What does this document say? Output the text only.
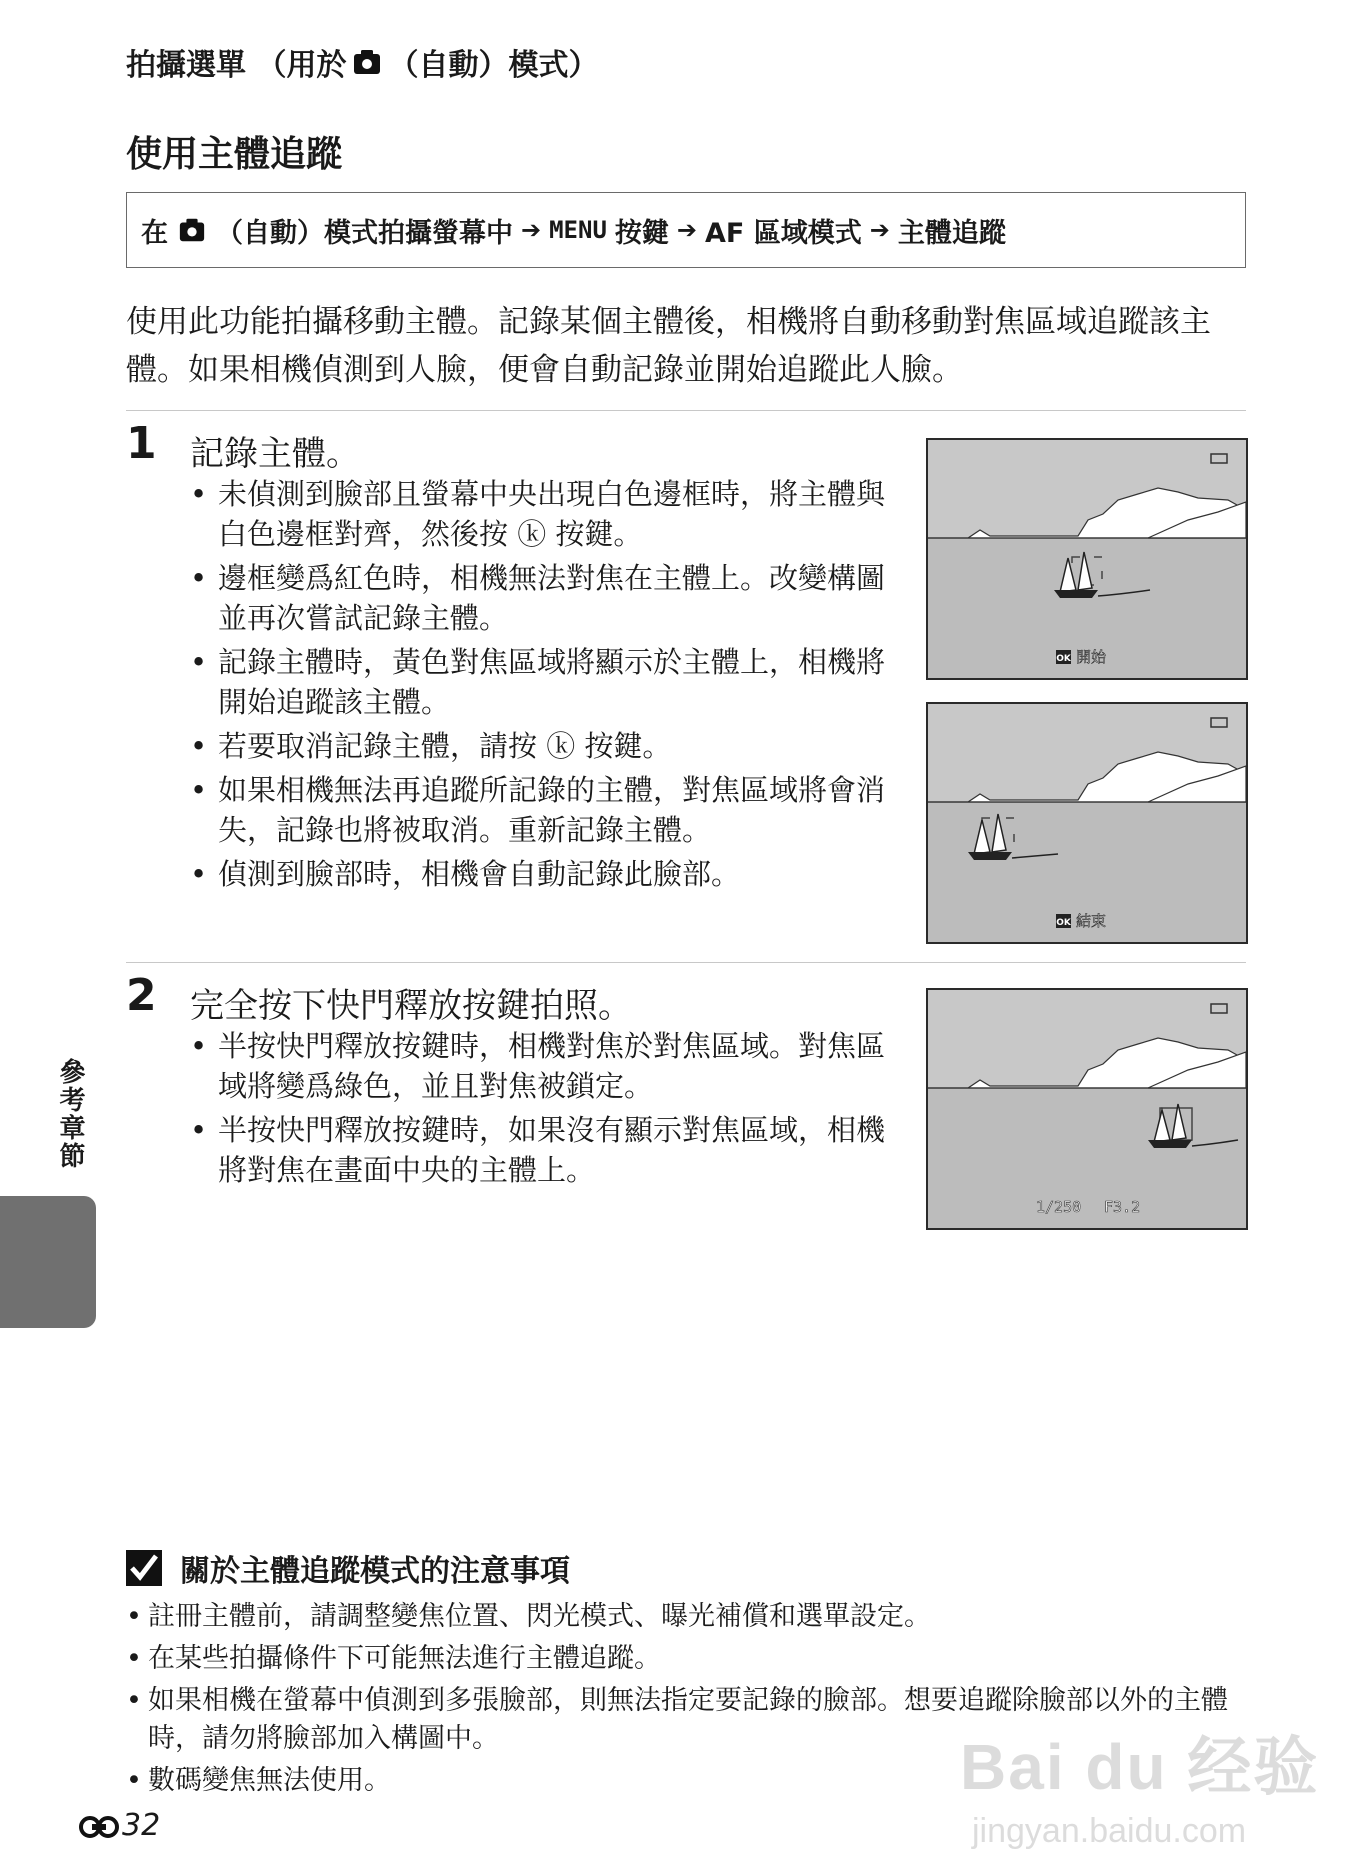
拍攝選單 （用於 （自動）模式）
使用主體追蹤
在 （自動）模式拍攝螢幕中 ➔ MENU 按鍵 ➔ AF 區域模式 ➔ 主體追蹤
使用此功能拍攝移動主體。記錄某個主體後，相機將自動移動對焦區域追蹤該主體。如果相機偵測到人臉，便會自動記錄並開始追蹤此人臉。
1 記錄主體。
• 未偵測到臉部且螢幕中央出現白色邊框時，將主體與白色邊框對齊，然後按 ⓚ 按鍵。
• 邊框變爲紅色時，相機無法對焦在主體上。改變構圖並再次嘗試記錄主體。
• 記錄主體時，黃色對焦區域將顯示於主體上，相機將開始追蹤該主體。
• 若要取消記錄主體，請按 ⓚ 按鍵。
• 如果相機無法再追蹤所記錄的主體，對焦區域將會消失，記錄也將被取消。重新記錄主體。
• 偵測到臉部時，相機會自動記錄此臉部。
OK 開始
OK 結束
2 完全按下快門釋放按鍵拍照。
• 半按快門釋放按鍵時，相機對焦於對焦區域。對焦區域將變爲綠色，並且對焦被鎖定。
• 半按快門釋放按鍵時，如果沒有顯示對焦區域，相機將對焦在畫面中央的主體上。
1/250 F3.2
參考章節
關於主體追蹤模式的注意事項
• 註冊主體前，請調整變焦位置、閃光模式、曝光補償和選單設定。
• 在某些拍攝條件下可能無法進行主體追蹤。
• 如果相機在螢幕中偵測到多張臉部，則無法指定要記錄的臉部。想要追蹤除臉部以外的主體時，請勿將臉部加入構圖中。
• 數碼變焦無法使用。
32
Bai du 经验
jingyan.baidu.com
